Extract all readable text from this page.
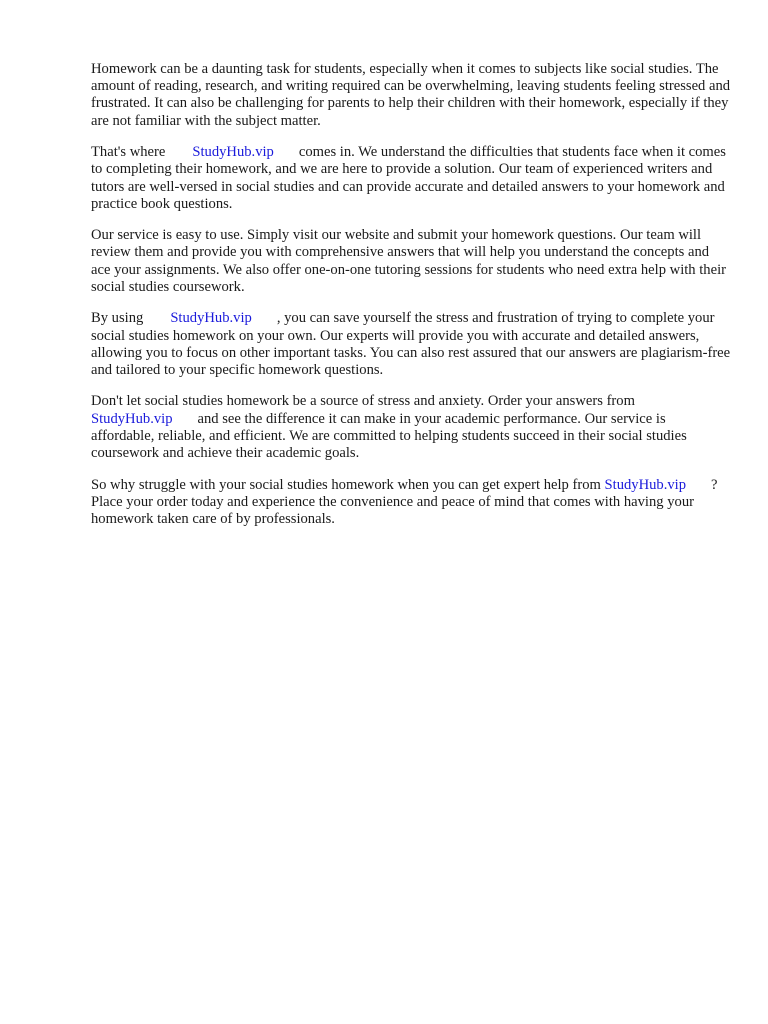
Homework can be a daunting task for students, especially when it comes to subjects like social studies. The amount of reading, research, and writing required can be overwhelming, leaving students feeling stressed and frustrated. It can also be challenging for parents to help their children with their homework, especially if they are not familiar with the subject matter.

That's where StudyHub.vip comes in. We understand the difficulties that students face when it comes to completing their homework, and we are here to provide a solution. Our team of experienced writers and tutors are well-versed in social studies and can provide accurate and detailed answers to your homework and practice book questions.

Our service is easy to use. Simply visit our website and submit your homework questions. Our team will review them and provide you with comprehensive answers that will help you understand the concepts and ace your assignments. We also offer one-on-one tutoring sessions for students who need extra help with their social studies coursework.

By using StudyHub.vip , you can save yourself the stress and frustration of trying to complete your social studies homework on your own. Our experts will provide you with accurate and detailed answers, allowing you to focus on other important tasks. You can also rest assured that our answers are plagiarism-free and tailored to your specific homework questions.

Don't let social studies homework be a source of stress and anxiety. Order your answers from StudyHub.vip and see the difference it can make in your academic performance. Our service is affordable, reliable, and efficient. We are committed to helping students succeed in their social studies coursework and achieve their academic goals.

So why struggle with your social studies homework when you can get expert help from StudyHub.vip ? Place your order today and experience the convenience and peace of mind that comes with having your homework taken care of by professionals.
